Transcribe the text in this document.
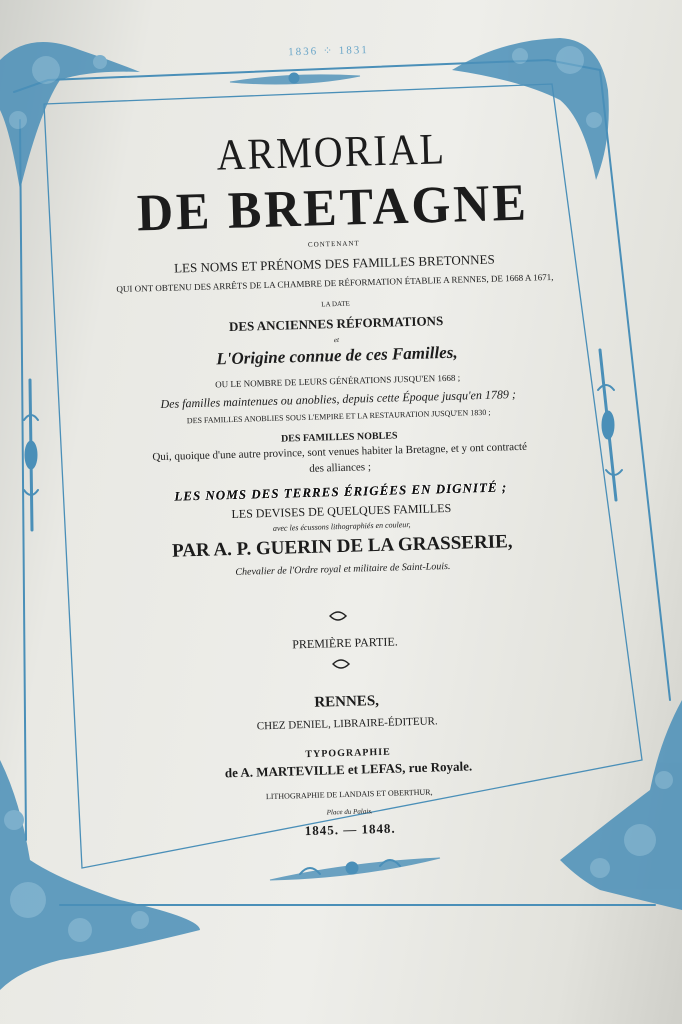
1836 ⁘ 1831
ARMORIAL
DE BRETAGNE
CONTENANT
LES NOMS ET PRÉNOMS DES FAMILLES BRETONNES
QUI ONT OBTENU DES ARRÊTS DE LA CHAMBRE DE RÉFORMATION ÉTABLIE A RENNES, DE 1668 A 1671,
LA DATE
DES ANCIENNES RÉFORMATIONS
et
L'Origine connue de ces Familles,
OU LE NOMBRE DE LEURS GÉNÉRATIONS JUSQU'EN 1668 ;
Des familles maintenues ou anoblies, depuis cette Époque jusqu'en 1789 ;
DES FAMILLES ANOBLIES SOUS L'EMPIRE ET LA RESTAURATION JUSQU'EN 1830 ;
DES FAMILLES NOBLES
Qui, quoique d'une autre province, sont venues habiter la Bretagne, et y ont contracté
des alliances ;
LES NOMS DES TERRES ÉRIGÉES EN DIGNITÉ ;
LES DEVISES DE QUELQUES FAMILLES
avec les écussons lithographiés en couleur,
PAR A. P. GUERIN DE LA GRASSERIE,
Chevalier de l'Ordre royal et militaire de Saint-Louis.
PREMIÈRE PARTIE.
RENNES,
CHEZ DENIEL, LIBRAIRE-ÉDITEUR.
TYPOGRAPHIE
de A. MARTEVILLE et LEFAS, rue Royale.
LITHOGRAPHIE DE LANDAIS ET OBERTHUR,
Place du Palais.
1845. — 1848.
